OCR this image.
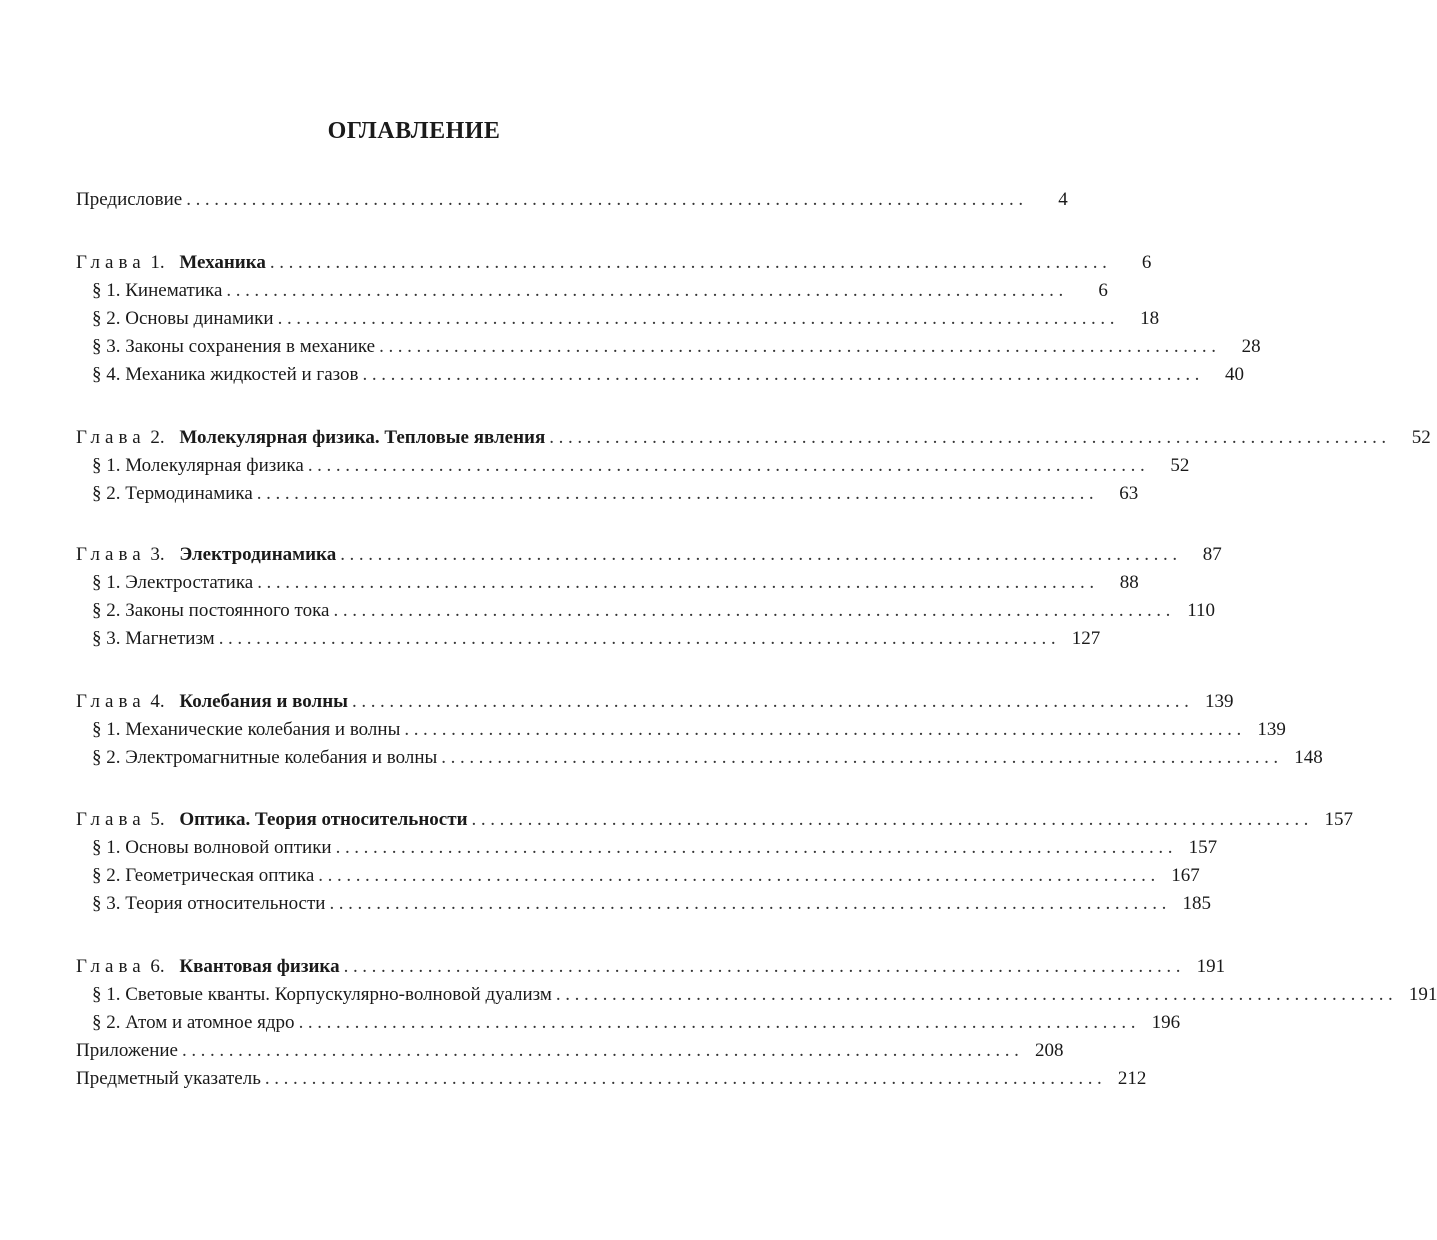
ОГЛАВЛЕНИЕ
Предисловие ..........................................................................................	4
Глава 1. Механика ..........................................................................................	6
§ 1. Кинематика ..........................................................................................	6
§ 2. Основы динамики ..........................................................................................	18
§ 3. Законы сохранения в механике ..........................................................................................	28
§ 4. Механика жидкостей и газов ..........................................................................................	40
Глава 2. Молекулярная физика. Тепловые явления ..........................................................................................	52
§ 1. Молекулярная физика ..........................................................................................	52
§ 2. Термодинамика ..........................................................................................	63
Глава 3. Электродинамика ..........................................................................................	87
§ 1. Электростатика ..........................................................................................	88
§ 2. Законы постоянного тока .......................................................................................... 110
§ 3. Магнетизм .......................................................................................... 127
Глава 4. Колебания и волны .......................................................................................... 139
§ 1. Механические колебания и волны .......................................................................................... 139
§ 2. Электромагнитные колебания и волны .......................................................................................... 148
Глава 5. Оптика. Теория относительности .......................................................................................... 157
§ 1. Основы волновой оптики .......................................................................................... 157
§ 2. Геометрическая оптика .......................................................................................... 167
§ 3. Теория относительности .......................................................................................... 185
Глава 6. Квантовая физика .......................................................................................... 191
§ 1. Световые кванты. Корпускулярно-волновой дуализм .......................................................................................... 191
§ 2. Атом и атомное ядро .......................................................................................... 196
Приложение .......................................................................................... 208
Предметный указатель .......................................................................................... 212
